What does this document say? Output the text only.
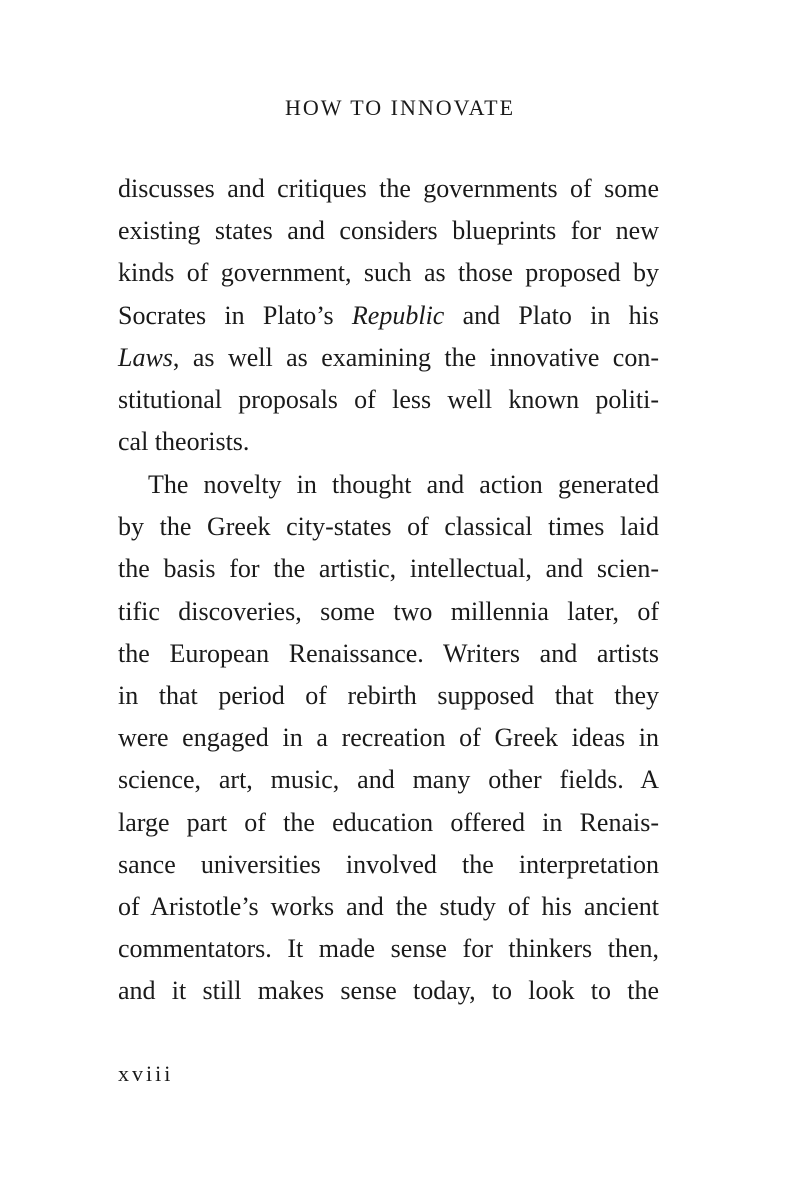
HOW TO INNOVATE
discusses and critiques the governments of some
existing states and considers blueprints for new
kinds of government, such as those proposed by
Socrates in Plato’s Republic and Plato in his
Laws, as well as examining the innovative con-
stitutional proposals of less well known politi-
cal theorists.
The novelty in thought and action generated
by the Greek city-states of classical times laid
the basis for the artistic, intellectual, and scien-
tific discoveries, some two millennia later, of
the European Renaissance. Writers and artists
in that period of rebirth supposed that they
were engaged in a recreation of Greek ideas in
science, art, music, and many other fields. A
large part of the education offered in Renais-
sance universities involved the interpretation
of Aristotle’s works and the study of his ancient
commentators. It made sense for thinkers then,
and it still makes sense today, to look to the
xviii
